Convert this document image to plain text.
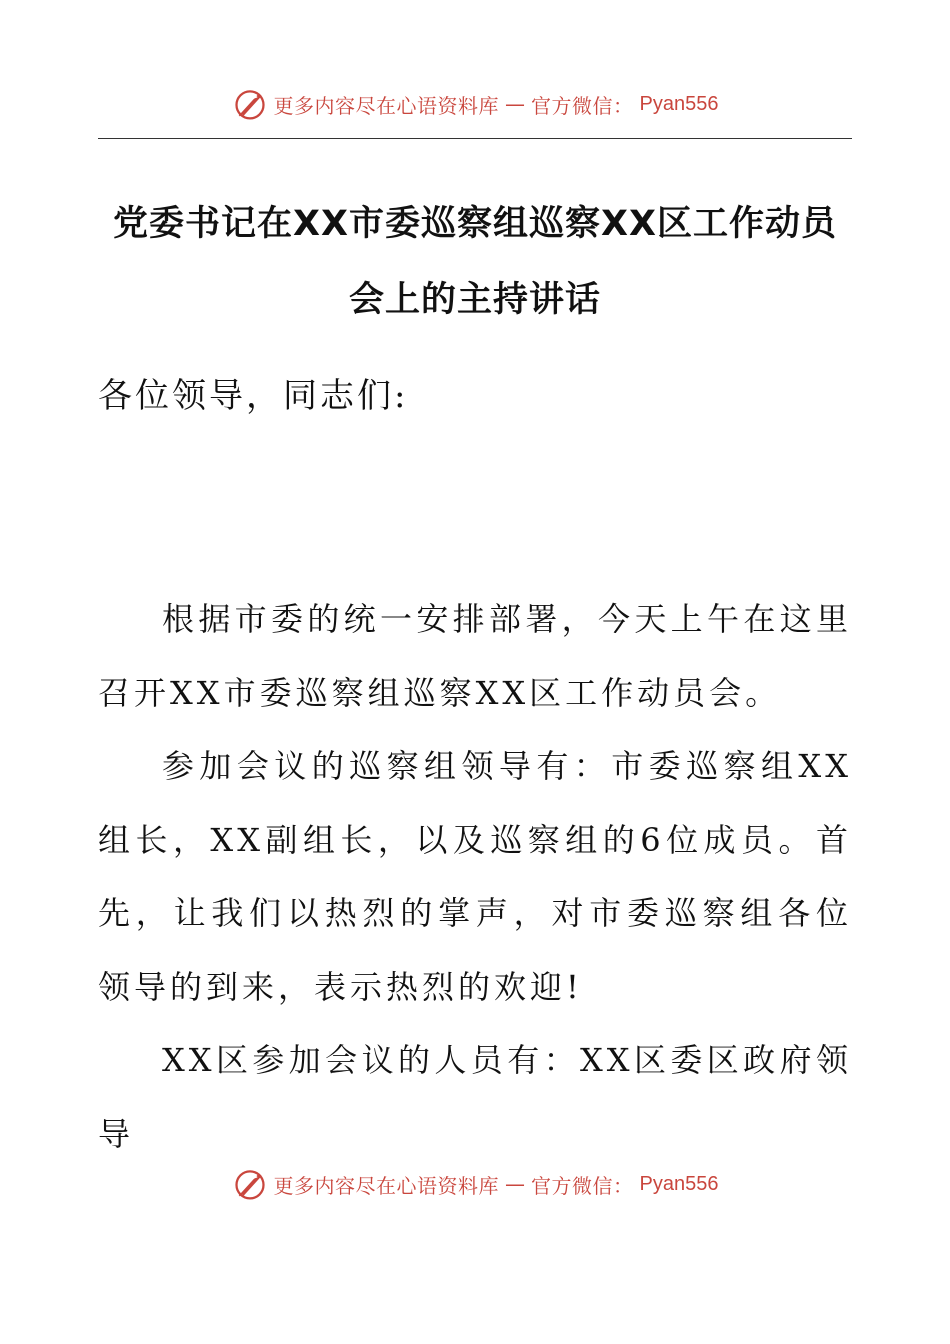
更多内容尽在心语资料库 — 官方微信： Pyan556
党委书记在XX市委巡察组巡察XX区工作动员会上的主持讲话

各位领导，同志们:

根据市委的统一安排部署，今天上午在这里召开XX市委巡察组巡察XX区工作动员会。

参加会议的巡察组领导有：市委巡察组XX组长，XX副组长，以及巡察组的6位成员。首先，让我们以热烈的掌声，对市委巡察组各位领导的到来，表示热烈的欢迎!

XX区参加会议的人员有：XX区委区政府领导

更多内容尽在心语资料库 — 官方微信： Pyan556
